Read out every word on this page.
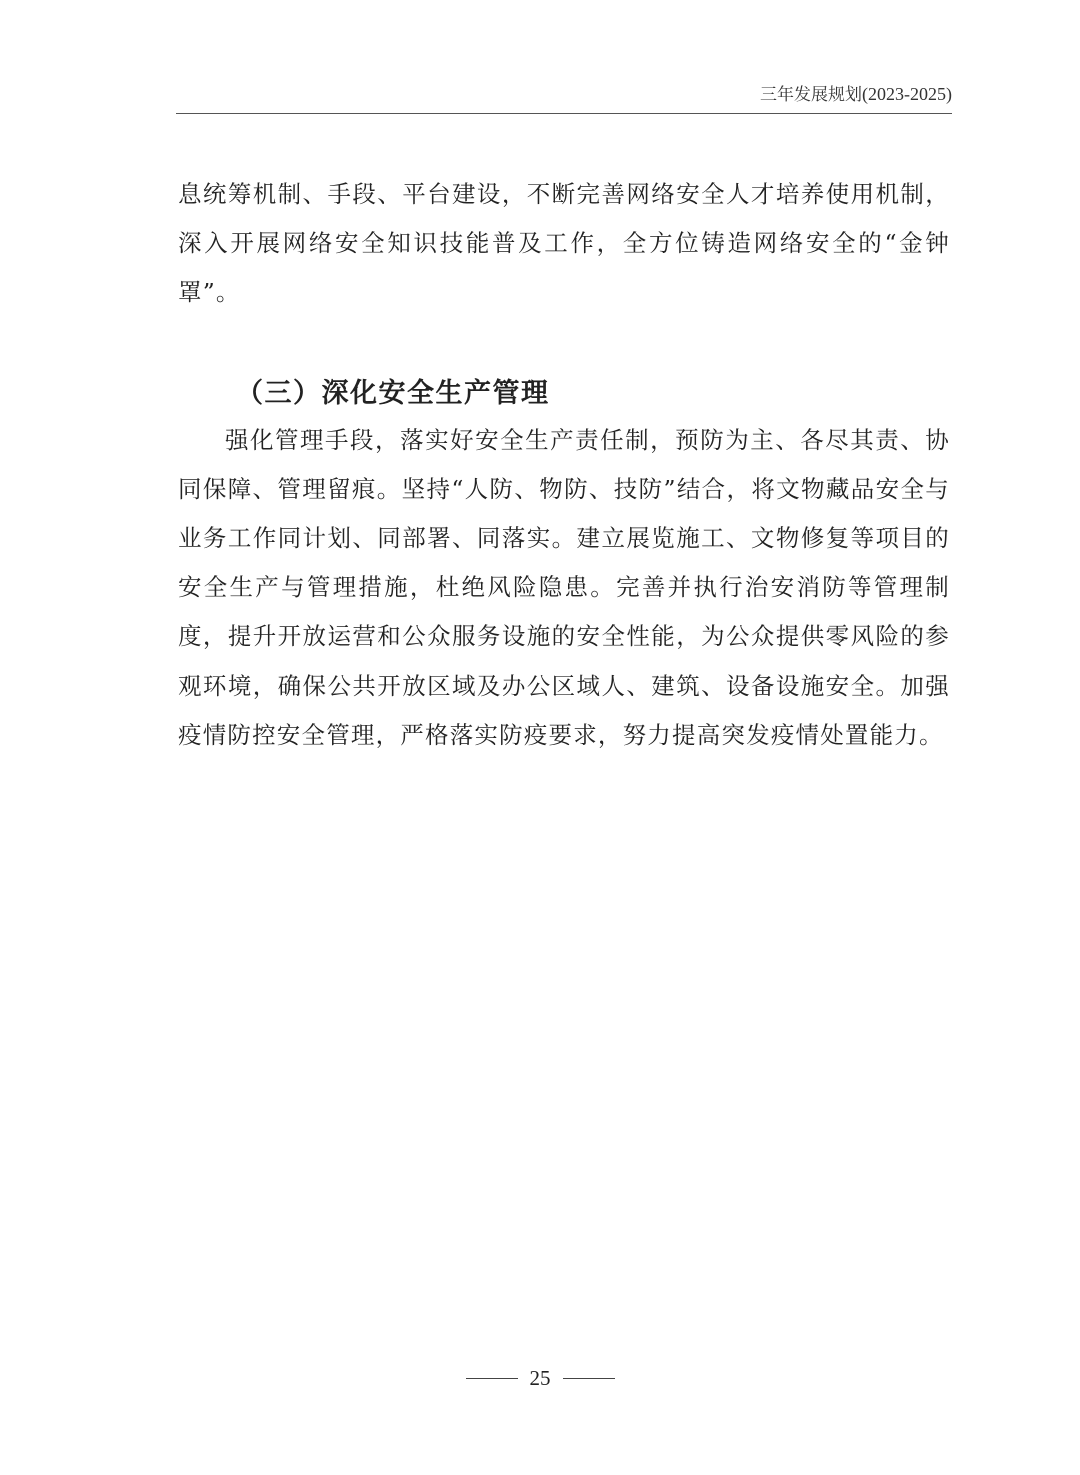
三年发展规划(2023-2025)

息统筹机制、手段、平台建设，不断完善网络安全人才培养使用机制，深入开展网络安全知识技能普及工作，全方位铸造网络安全的“金钟罩”。

（三）深化安全生产管理

强化管理手段，落实好安全生产责任制，预防为主、各尽其责、协同保障、管理留痕。坚持“人防、物防、技防”结合，将文物藏品安全与业务工作同计划、同部署、同落实。建立展览施工、文物修复等项目的安全生产与管理措施，杜绝风险隐患。完善并执行治安消防等管理制度，提升开放运营和公众服务设施的安全性能，为公众提供零风险的参观环境，确保公共开放区域及办公区域人、建筑、设备设施安全。加强疫情防控安全管理，严格落实防疫要求，努力提高突发疫情处置能力。

25
